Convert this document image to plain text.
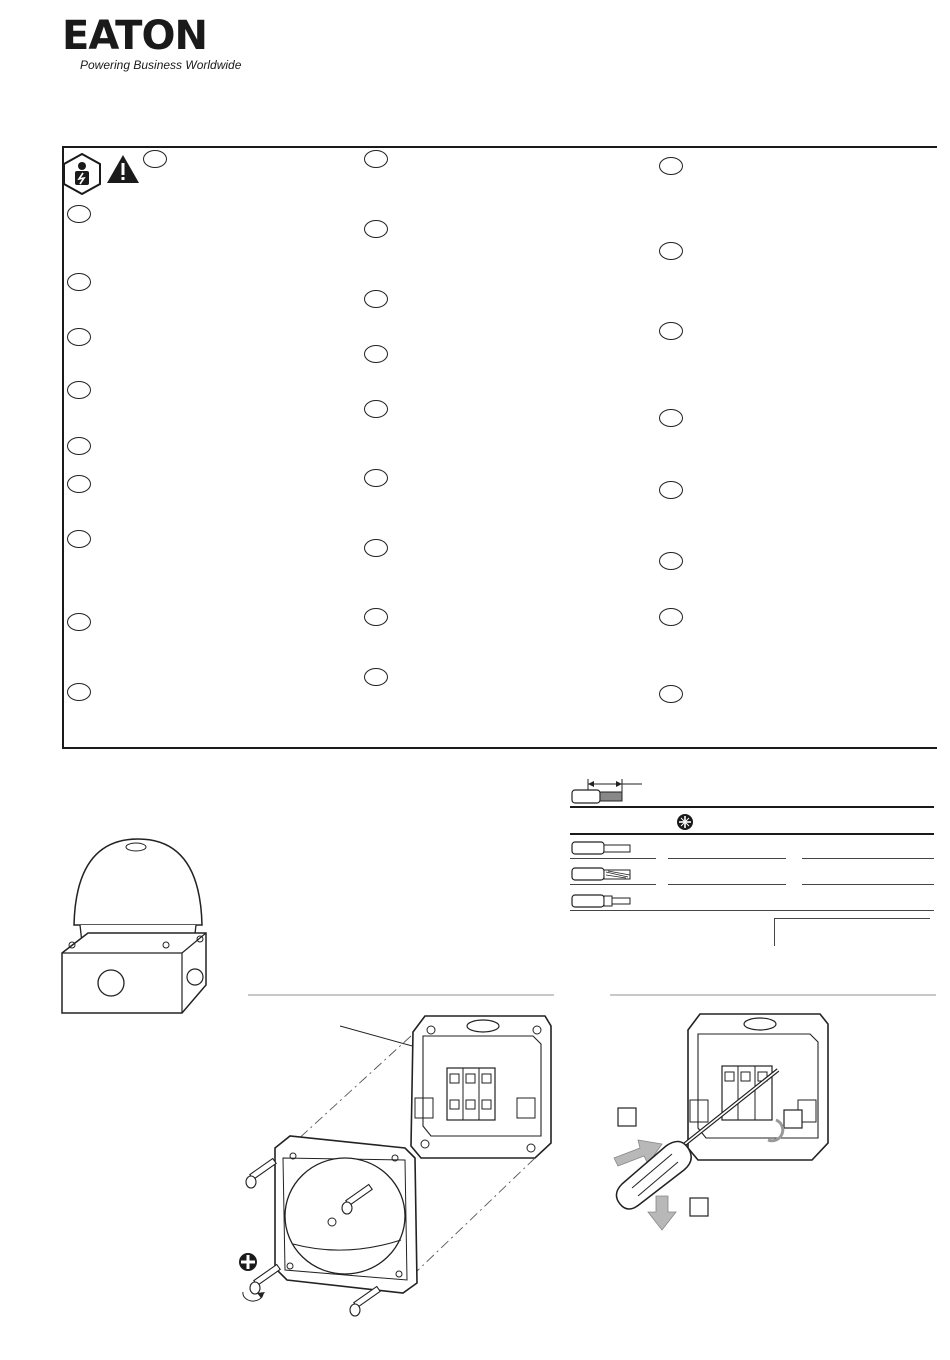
EATON
Powering Business Worldwide
